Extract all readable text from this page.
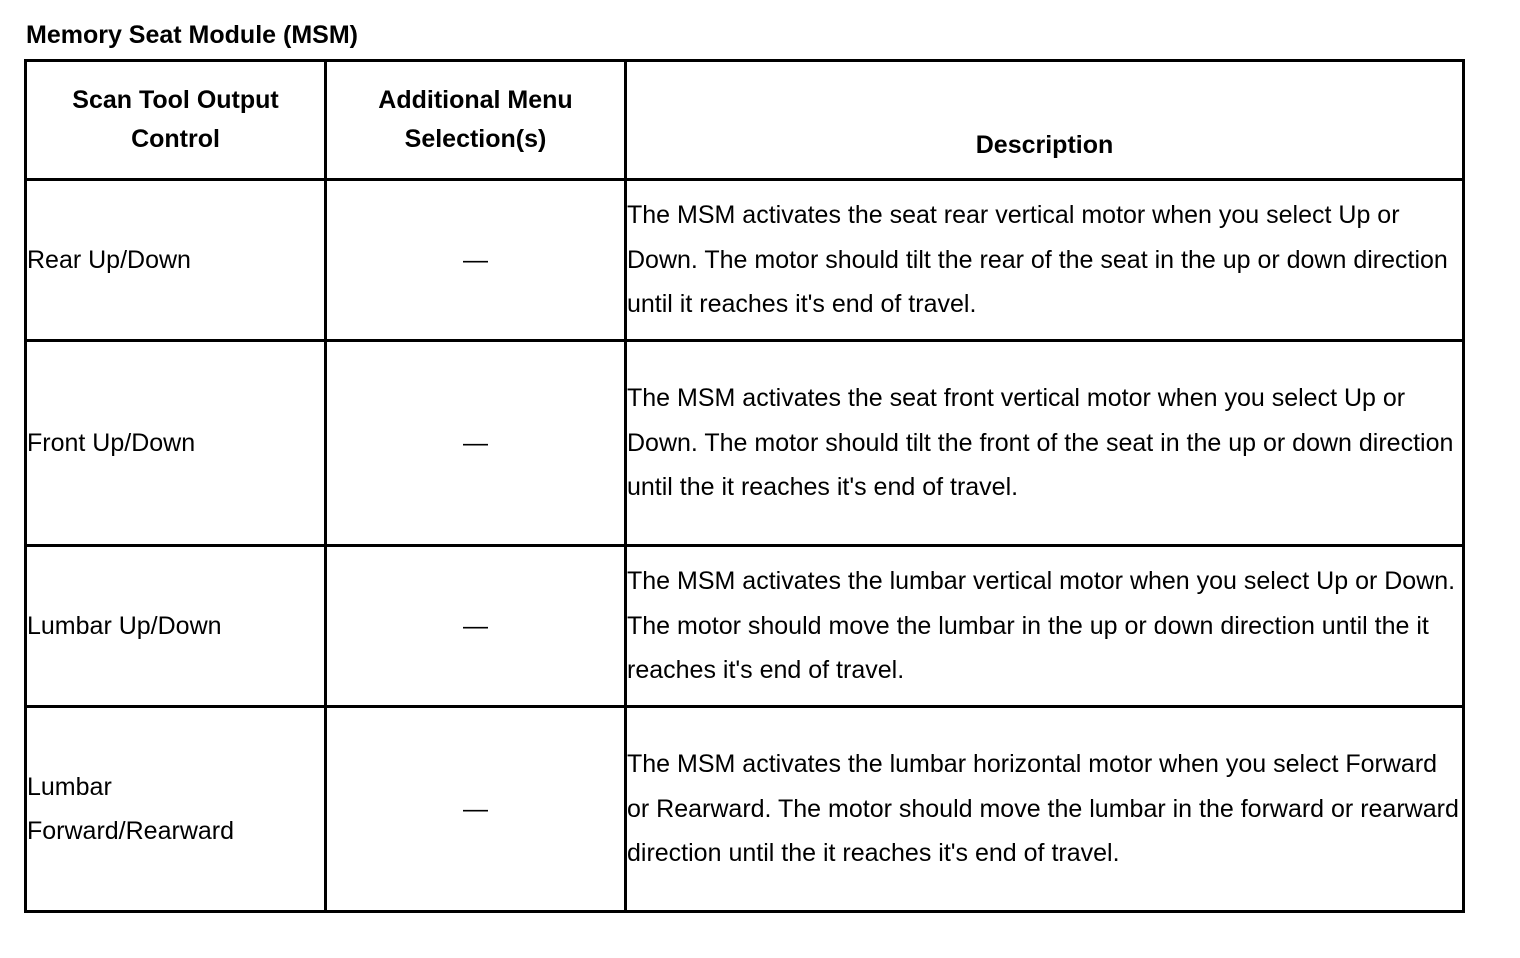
Memory Seat Module (MSM)
Scan Tool Output Control	Additional Menu Selection(s)	Description
Rear Up/Down	—	The MSM activates the seat rear vertical motor when you select Up or Down. The motor should tilt the rear of the seat in the up or down direction until it reaches it's end of travel.
Front Up/Down	—	The MSM activates the seat front vertical motor when you select Up or Down. The motor should tilt the front of the seat in the up or down direction until the it reaches it's end of travel.
Lumbar Up/Down	—	The MSM activates the lumbar vertical motor when you select Up or Down. The motor should move the lumbar in the up or down direction until the it reaches it's end of travel.
Lumbar Forward/Rearward	—	The MSM activates the lumbar horizontal motor when you select Forward or Rearward. The motor should move the lumbar in the forward or rearward direction until the it reaches it's end of travel.
